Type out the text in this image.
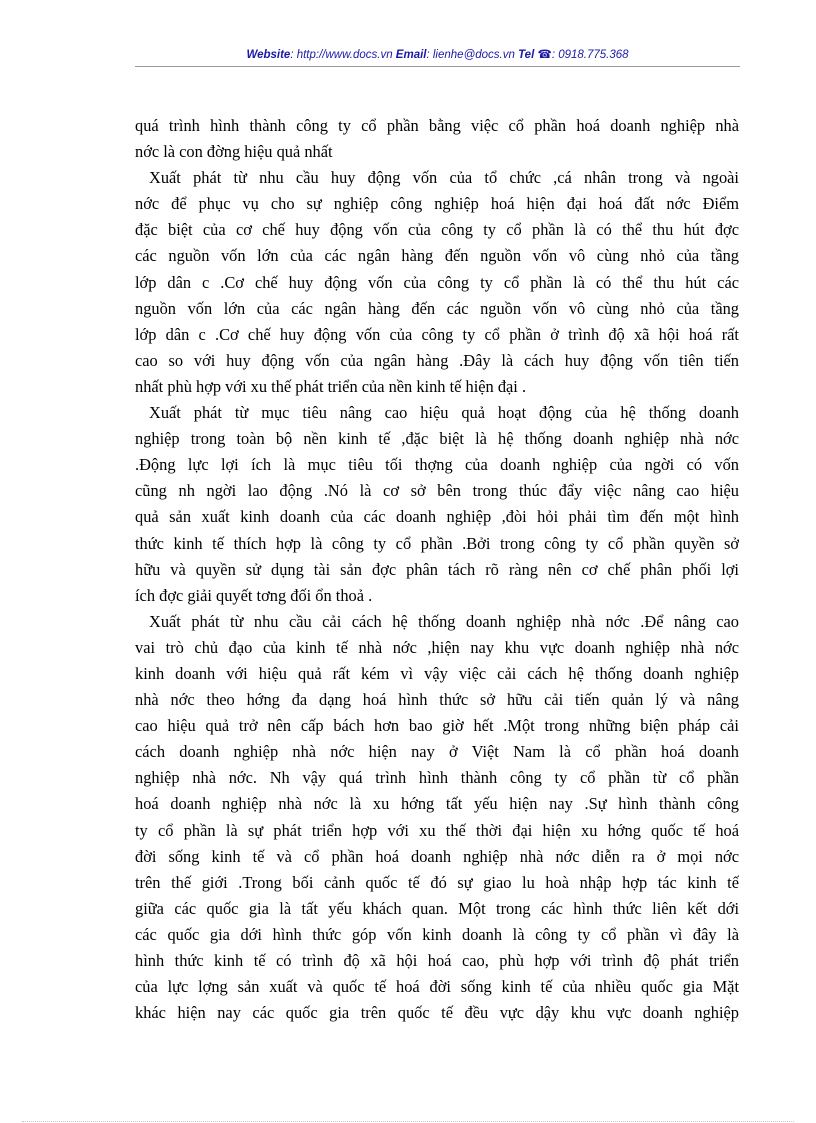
Website: http://www.docs.vn Email: lienhe@docs.vn Tel ☎: 0918.775.368
quá trình hình thành công ty cổ phần bằng việc cổ phần hoá doanh nghiệp nhà
nớc là con đờng hiệu quả nhất
Xuất phát từ nhu cầu huy động vốn của tổ chức ,cá nhân trong và ngoài
nớc để phục vụ cho sự nghiệp công nghiệp hoá hiện đại hoá đất nớc Điểm
đặc biệt của cơ chế huy động vốn của công ty cổ phần là có thể thu hút đợc
các nguồn vốn lớn của các ngân hàng đến nguồn vốn vô cùng nhỏ của tầng
lớp dân c .Cơ chế huy động vốn của công ty cổ phần là có thể thu hút các
nguồn vốn lớn của các ngân hàng đến các nguồn vốn vô cùng nhỏ của tầng
lớp dân c .Cơ chế huy động vốn của công ty cổ phần ở trình độ xã hội hoá rất
cao so với huy động vốn của ngân hàng .Đây là cách huy động vốn tiên tiến
nhất phù hợp với xu thế phát triển của nền kinh tế hiện đại .
Xuất phát từ mục tiêu nâng cao hiệu quả hoạt động của hệ thống doanh
nghiệp trong toàn bộ nền kinh tế ,đặc biệt là hệ thống doanh nghiệp nhà nớc
.Động lực lợi ích là mục tiêu tối thợng của doanh nghiệp của ngời có vốn
cũng nh ngời lao động .Nó là cơ sở bên trong thúc đẩy việc nâng cao hiệu
quả sản xuất kinh doanh của các doanh nghiệp ,đòi hỏi phải tìm đến một hình
thức kinh tế thích hợp là công ty cổ phần .Bởi trong công ty cổ phần quyền sở
hữu và quyền sử dụng tài sản đợc phân tách rõ ràng nên cơ chế phân phối lợi
ích đợc giải quyết tơng đối ổn thoả .
Xuất phát từ nhu cầu cải cách hệ thống doanh nghiệp nhà nớc .Để nâng cao
vai trò chủ đạo của kinh tế nhà nớc ,hiện nay khu vực doanh nghiệp nhà nớc
kinh doanh với hiệu quả rất kém vì vậy việc cải cách hệ thống doanh nghiệp
nhà nớc theo hớng đa dạng hoá hình thức sở hữu cải tiến quản lý và nâng
cao hiệu quả trở nên cấp bách hơn bao giờ hết .Một trong những biện pháp cải
cách doanh nghiệp nhà nớc hiện nay ở Việt Nam là cổ phần hoá doanh
nghiệp nhà nớc. Nh vậy quá trình hình thành công ty cổ phần từ cổ phần
hoá doanh nghiệp nhà nớc là xu hớng tất yếu hiện nay .Sự hình thành công
ty cổ phần là sự phát triển hợp với xu thế thời đại hiện xu hớng quốc tế hoá
đời sống kinh tế và cổ phần hoá doanh nghiệp nhà nớc diễn ra ở mọi nớc
trên thế giới .Trong bối cảnh quốc tế đó sự giao lu hoà nhập hợp tác kinh tế
giữa các quốc gia là tất yếu khách quan. Một trong các hình thức liên kết dới
các quốc gia dới hình thức góp vốn kinh doanh là công ty cổ phần vì đây là
hình thức kinh tế có trình độ xã hội hoá cao, phù hợp với trình độ phát triển
của lực lợng sản xuất và quốc tế hoá đời sống kinh tế của nhiều quốc gia Mặt
khác hiện nay các quốc gia trên quốc tế đều vực dậy khu vực doanh nghiệp
